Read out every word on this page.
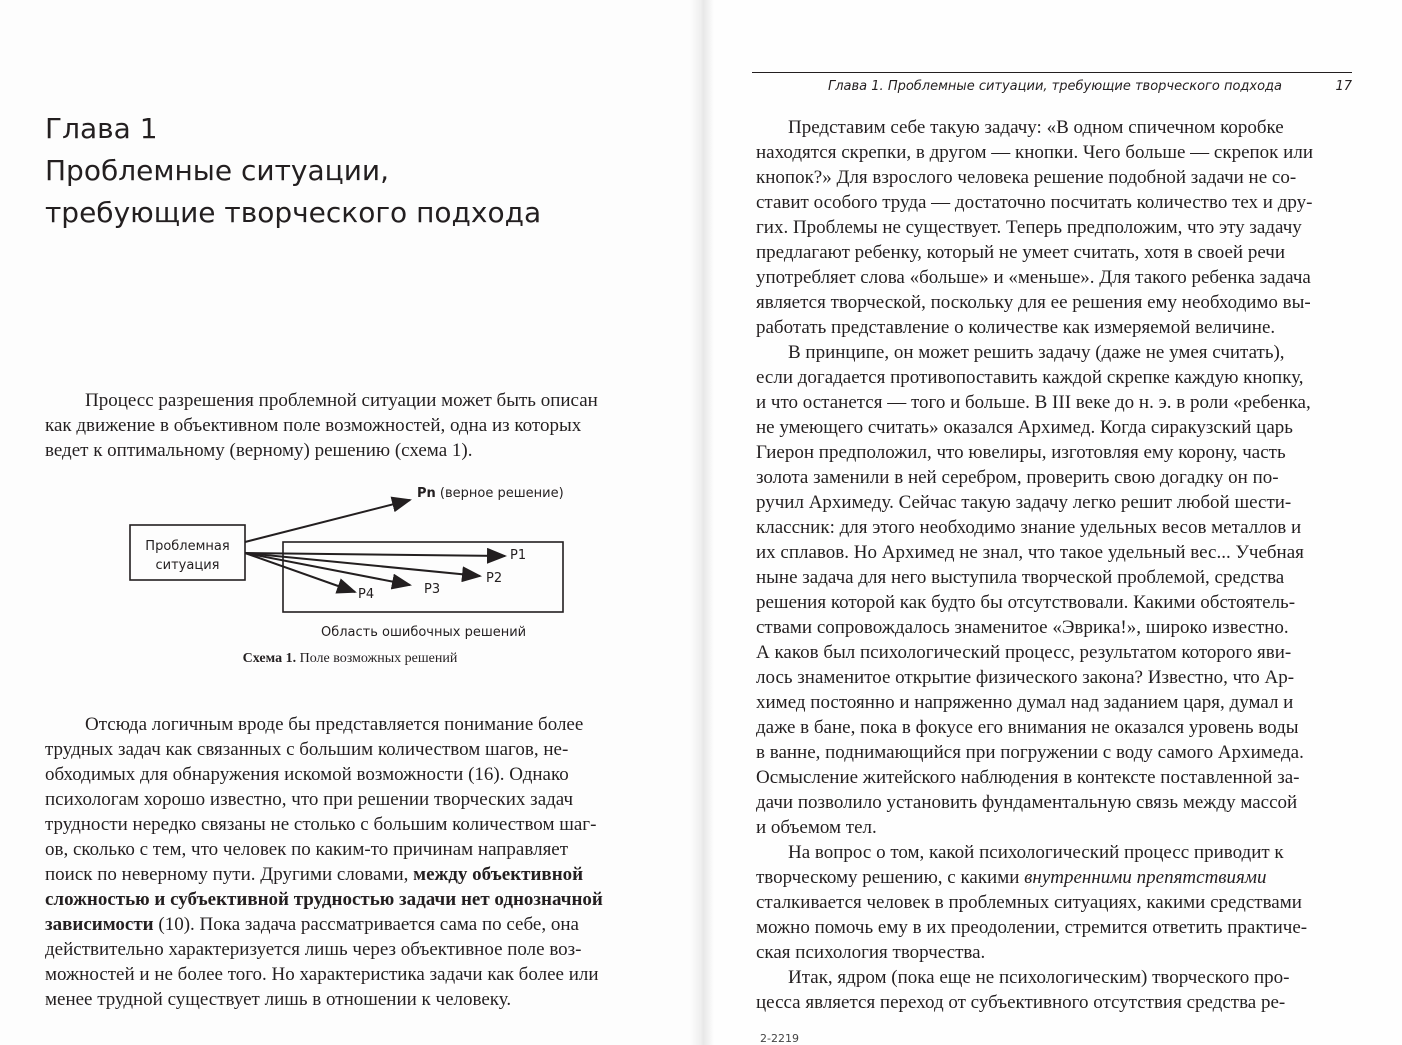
Глава 1
Проблемные ситуации,
требующие творческого подхода
Процесс разрешения проблемной ситуации может быть описан
как движение в объективном поле возможностей, одна из которых
ведет к оптимальному (верному) решению (схема 1).
Проблемная
ситуация
Pn (верное решение)
P1
P2
P3
P4
Область ошибочных решений
Схема 1. Поле возможных решений
Отсюда логичным вроде бы представляется понимание более
трудных задач как связанных с большим количеством шагов, не-
обходимых для обнаружения искомой возможности (16). Однако
психологам хорошо известно, что при решении творческих задач
трудности нередко связаны не столько с большим количеством шаг-
ов, сколько с тем, что человек по каким-то причинам направляет
поиск по неверному пути. Другими словами, между объективной
сложностью и субъективной трудностью задачи нет однозначной
зависимости (10). Пока задача рассматривается сама по себе, она
действительно характеризуется лишь через объективное поле воз-
можностей и не более того. Но характеристика задачи как более или
менее трудной существует лишь в отношении к человеку.
Глава 1. Проблемные ситуации, требующие творческого подхода	17
Представим себе такую задачу: «В одном спичечном коробке
находятся скрепки, в другом — кнопки. Чего больше — скрепок или
кнопок?» Для взрослого человека решение подобной задачи не со-
ставит особого труда — достаточно посчитать количество тех и дру-
гих. Проблемы не существует. Теперь предположим, что эту задачу
предлагают ребенку, который не умеет считать, хотя в своей речи
употребляет слова «больше» и «меньше». Для такого ребенка задача
является творческой, поскольку для ее решения ему необходимо вы-
работать представление о количестве как измеряемой величине.
В принципе, он может решить задачу (даже не умея считать),
если догадается противопоставить каждой скрепке каждую кнопку,
и что останется — того и больше. В III веке до н. э. в роли «ребенка,
не умеющего считать» оказался Архимед. Когда сиракузский царь
Гиерон предположил, что ювелиры, изготовляя ему корону, часть
золота заменили в ней серебром, проверить свою догадку он по-
ручил Архимеду. Сейчас такую задачу легко решит любой шести-
классник: для этого необходимо знание удельных весов металлов и
их сплавов. Но Архимед не знал, что такое удельный вес... Учебная
ныне задача для него выступила творческой проблемой, средства
решения которой как будто бы отсутствовали. Какими обстоятель-
ствами сопровождалось знаменитое «Эврика!», широко известно.
А каков был психологический процесс, результатом которого яви-
лось знаменитое открытие физического закона? Известно, что Ар-
химед постоянно и напряженно думал над заданием царя, думал и
даже в бане, пока в фокусе его внимания не оказался уровень воды
в ванне, поднимающийся при погружении с воду самого Архимеда.
Осмысление житейского наблюдения в контексте поставленной за-
дачи позволило установить фундаментальную связь между массой
и объемом тел.
На вопрос о том, какой психологический процесс приводит к
творческому решению, с какими внутренними препятствиями
сталкивается человек в проблемных ситуациях, какими средствами
можно помочь ему в их преодолении, стремится ответить практиче-
ская психология творчества.
Итак, ядром (пока еще не психологическим) творческого про-
цесса является переход от субъективного отсутствия средства ре-
2-2219
